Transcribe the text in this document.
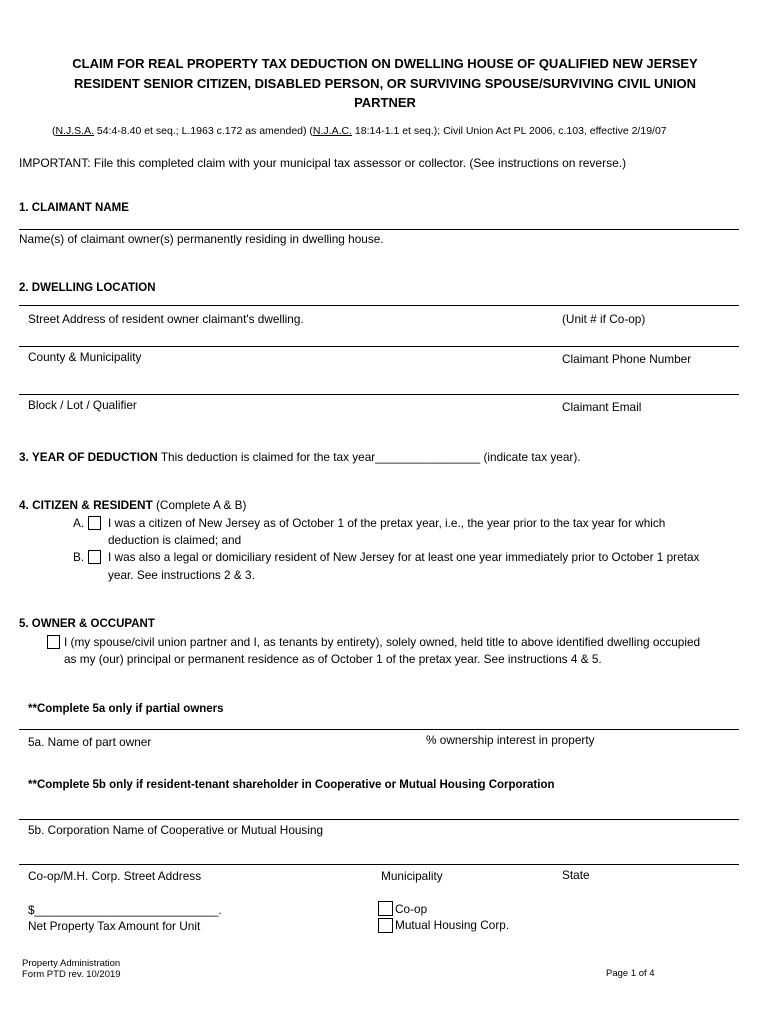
CLAIM FOR REAL PROPERTY TAX DEDUCTION ON DWELLING HOUSE OF QUALIFIED NEW JERSEY
RESIDENT SENIOR CITIZEN, DISABLED PERSON, OR SURVIVING SPOUSE/SURVIVING CIVIL UNION
PARTNER
(N.J.S.A. 54:4-8.40 et seq.; L.1963 c.172 as amended) (N.J.A.C. 18:14-1.1 et seq.); Civil Union Act PL 2006, c.103, effective 2/19/07
IMPORTANT: File this completed claim with your municipal tax assessor or collector. (See instructions on reverse.)
1. CLAIMANT NAME
Name(s) of claimant owner(s) permanently residing in dwelling house.
2. DWELLING LOCATION
Street Address of resident owner claimant's dwelling.	(Unit # if Co-op)
County & Municipality	Claimant Phone Number
Block / Lot / Qualifier	Claimant Email
3. YEAR OF DEDUCTION This deduction is claimed for the tax year________________ (indicate tax year).
4. CITIZEN & RESIDENT (Complete A & B)
A. I was a citizen of New Jersey as of October 1 of the pretax year, i.e., the year prior to the tax year for which
deduction is claimed; and
B. I was also a legal or domiciliary resident of New Jersey for at least one year immediately prior to October 1 pretax
year. See instructions 2 & 3.
5. OWNER & OCCUPANT
I (my spouse/civil union partner and I, as tenants by entirety), solely owned, held title to above identified dwelling occupied
as my (our) principal or permanent residence as of October 1 of the pretax year. See instructions 4 & 5.
**Complete 5a only if partial owners
5a. Name of part owner	% ownership interest in property
**Complete 5b only if resident-tenant shareholder in Cooperative or Mutual Housing Corporation
5b. Corporation Name of Cooperative or Mutual Housing
Co-op/M.H. Corp. Street Address	Municipality	State
$____________________________.
Net Property Tax Amount for Unit
Co-op
Mutual Housing Corp.
Property Administration
Form PTD rev. 10/2019	Page 1 of 4
